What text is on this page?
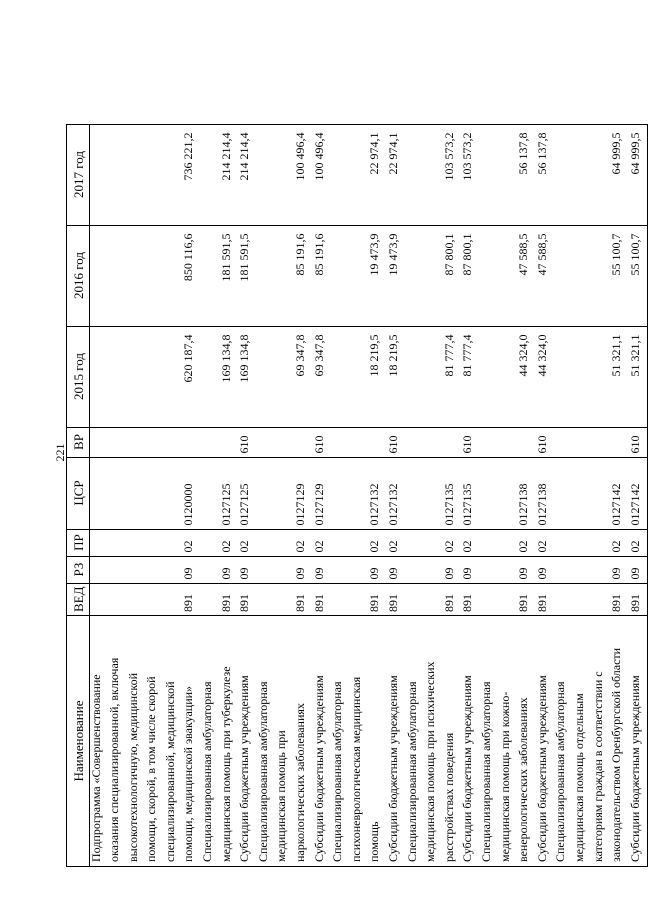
221
Наименование	ВЕД	РЗ	ПР	ЦСР	ВР	2015 год	2016 год	2017 год
Подпрограмма «Совершенствование								
оказания специализированной, включая								
высокотехнологичную, медицинской								
помощи, скорой, в том числе скорой								
специализированной, медицинской								
помощи, медицинской эвакуации»	891	09	02	0120000		620 187,4	850 116,6	736 221,2
Специализированная амбулаторная								
медицинская помощь при туберкулезе	891	09	02	0127125		169 134,8	181 591,5	214 214,4
Субсидии бюджетным учреждениям	891	09	02	0127125	610	169 134,8	181 591,5	214 214,4
Специализированная амбулаторная								
медицинская помощь при								
наркологических заболеваниях	891	09	02	0127129		69 347,8	85 191,6	100 496,4
Субсидии бюджетным учреждениям	891	09	02	0127129	610	69 347,8	85 191,6	100 496,4
Специализированная амбулаторная								
психоневрологическая медицинская								
помощь	891	09	02	0127132		18 219,5	19 473,9	22 974,1
Субсидии бюджетным учреждениям	891	09	02	0127132	610	18 219,5	19 473,9	22 974,1
Специализированная амбулаторная								
медицинская помощь при психических								
расстройствах поведения	891	09	02	0127135		81 777,4	87 800,1	103 573,2
Субсидии бюджетным учреждениям	891	09	02	0127135	610	81 777,4	87 800,1	103 573,2
Специализированная амбулаторная								
медицинская помощь при кожно-								
венерологических заболеваниях	891	09	02	0127138		44 324,0	47 588,5	56 137,8
Субсидии бюджетным учреждениям	891	09	02	0127138	610	44 324,0	47 588,5	56 137,8
Специализированная амбулаторная								
медицинская помощь отдельным								
категориям граждан в соответствии с								
законодательством Оренбургской области	891	09	02	0127142		51 321,1	55 100,7	64 999,5
Субсидии бюджетным учреждениям	891	09	02	0127142	610	51 321,1	55 100,7	64 999,5
